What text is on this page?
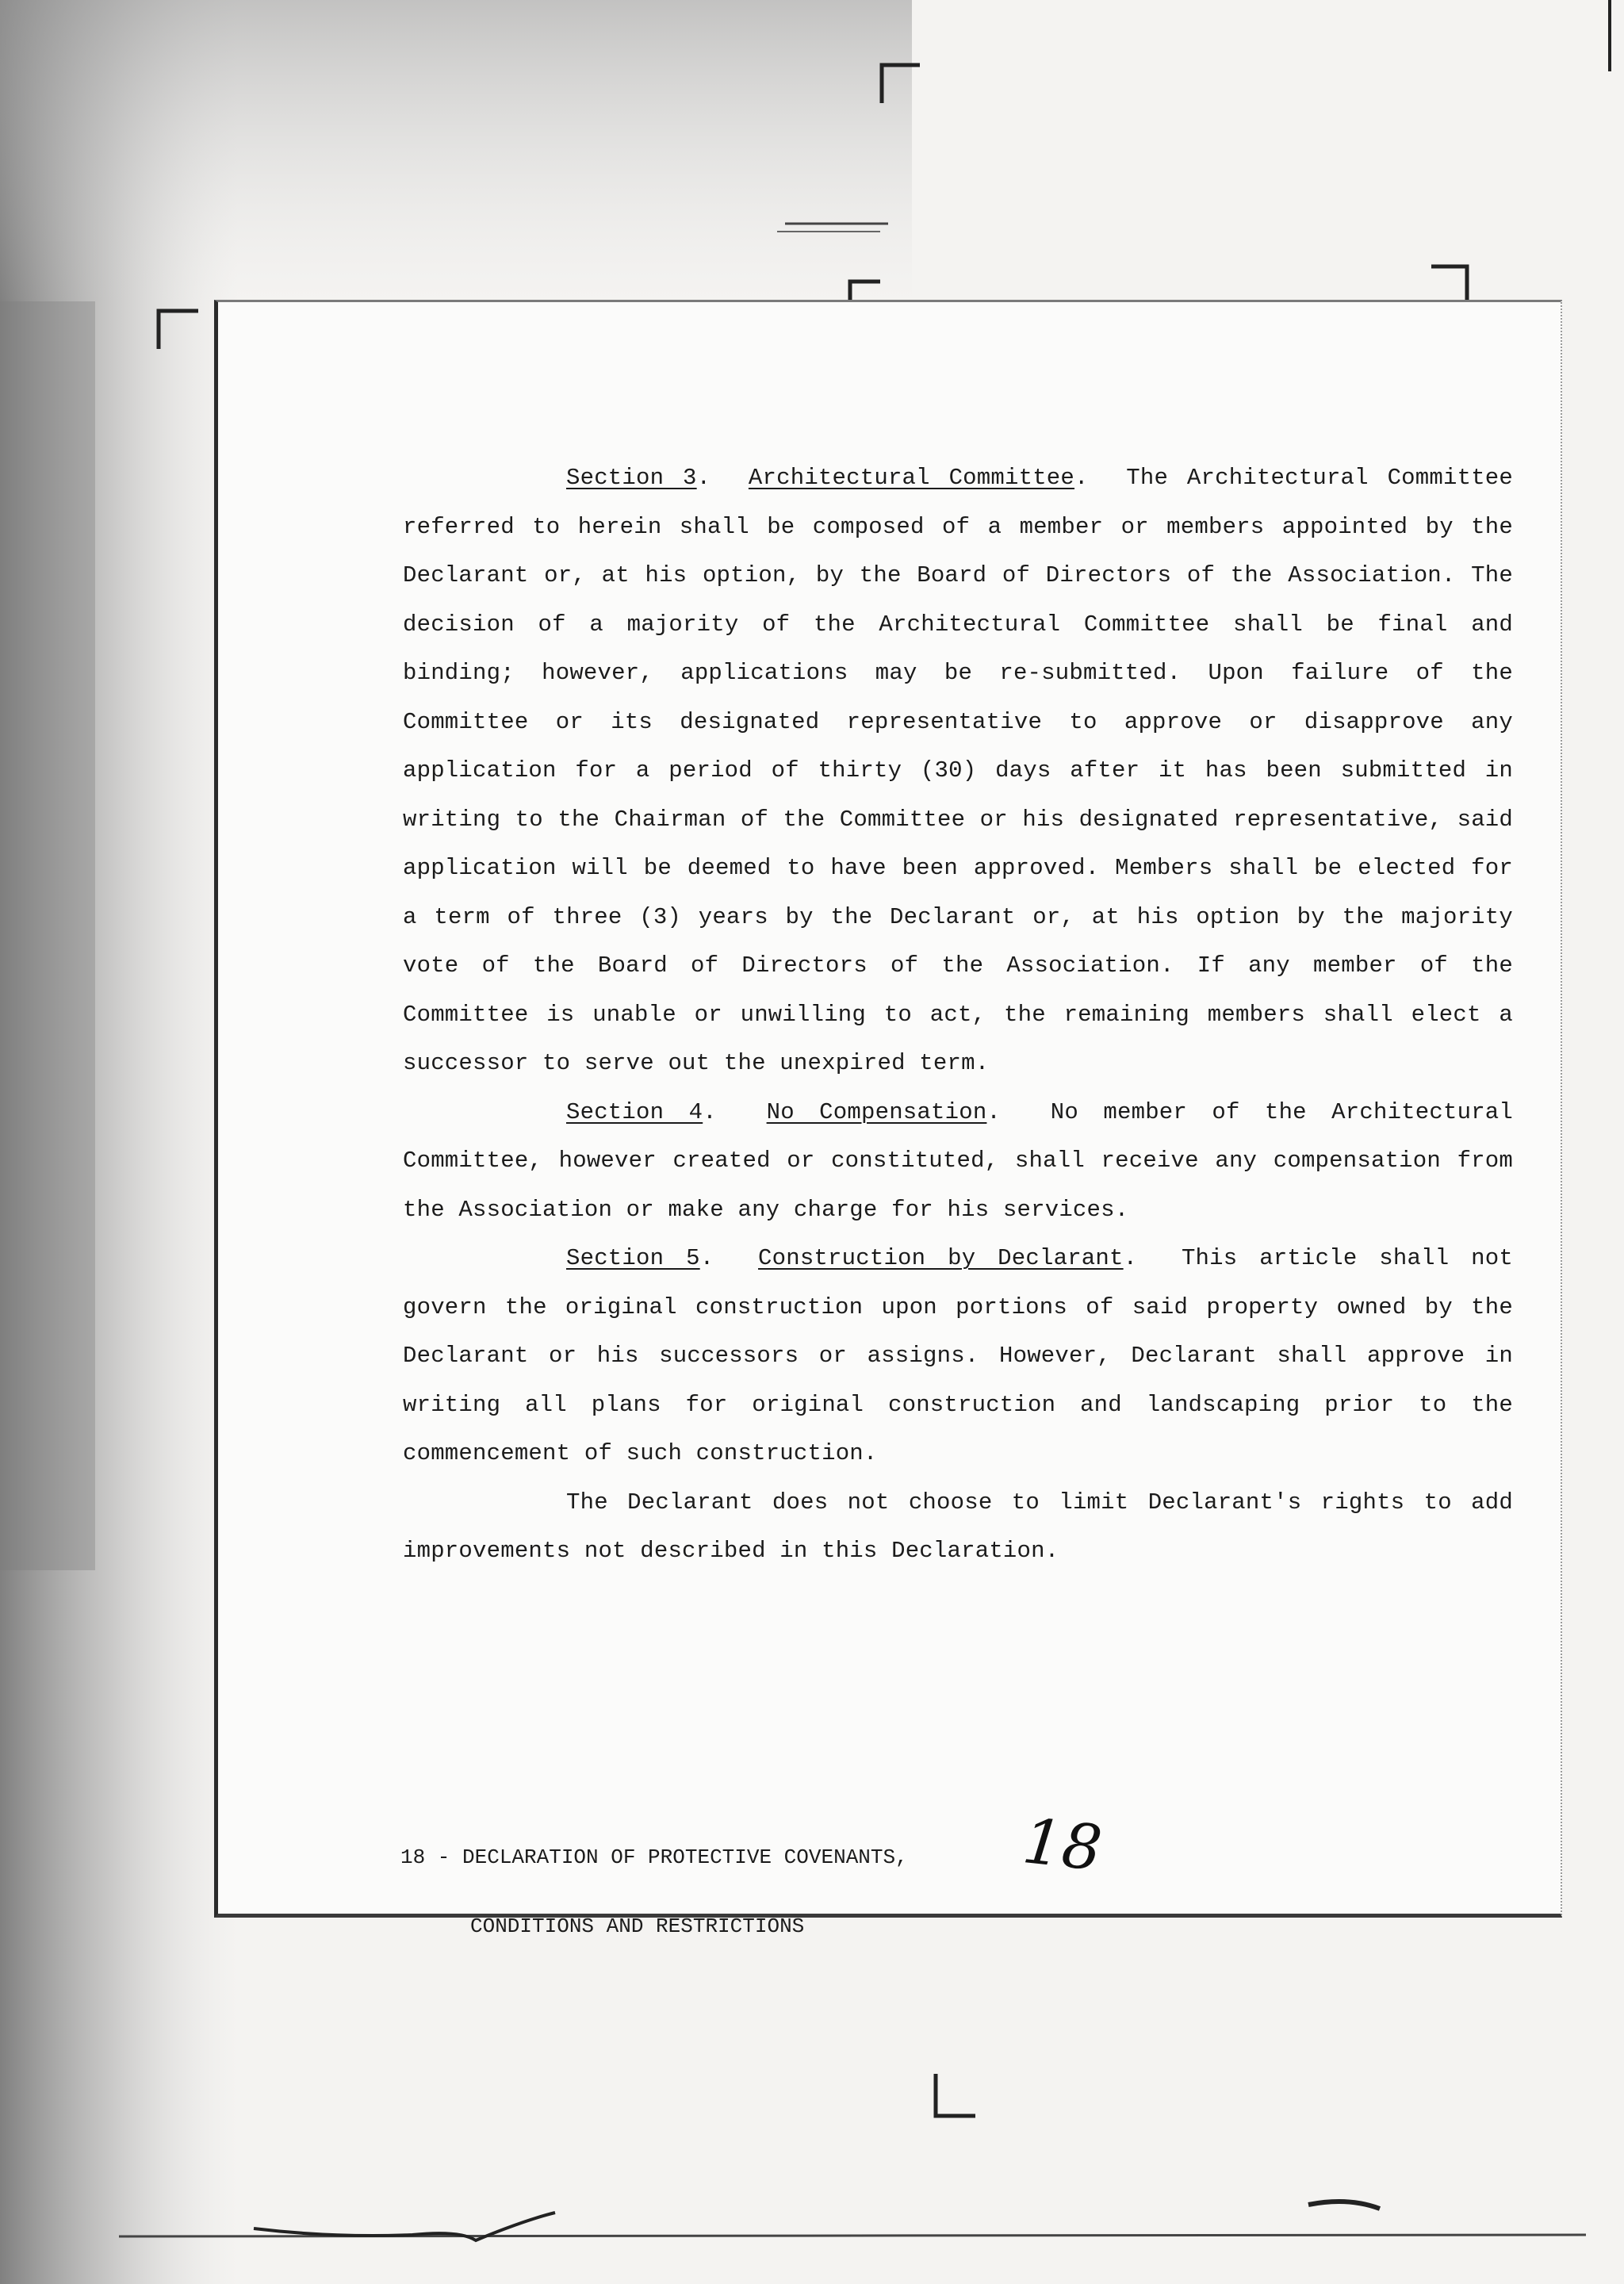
Section 3.  Architectural Committee.  The Architectural Committee referred to herein shall be composed of a member or members appointed by the Declarant or, at his option, by the Board of Directors of the Association. The decision of a majority of the Architectural Committee shall be final and binding; however, applications may be re-submitted. Upon failure of the Committee or its designated representative to approve or disapprove any application for a period of thirty (30) days after it has been submitted in writing to the Chairman of the Committee or his designated representative, said application will be deemed to have been approved. Members shall be elected for a term of three (3) years by the Declarant or, at his option by the majority vote of the Board of Directors of the Association. If any member of the Committee is unable or unwilling to act, the remaining members shall elect a successor to serve out the unexpired term.

Section 4.  No Compensation.  No member of the Architectural Committee, however created or constituted, shall receive any compensation from the Association or make any charge for his services.

Section 5.  Construction by Declarant.  This article shall not govern the original construction upon portions of said property owned by the Declarant or his successors or assigns. However, Declarant shall approve in writing all plans for original construction and landscaping prior to the commencement of such construction.

The Declarant does not choose to limit Declarant's rights to add improvements not described in this Declaration.

18 - DECLARATION OF PROTECTIVE COVENANTS,

CONDITIONS AND RESTRICTIONS

18
